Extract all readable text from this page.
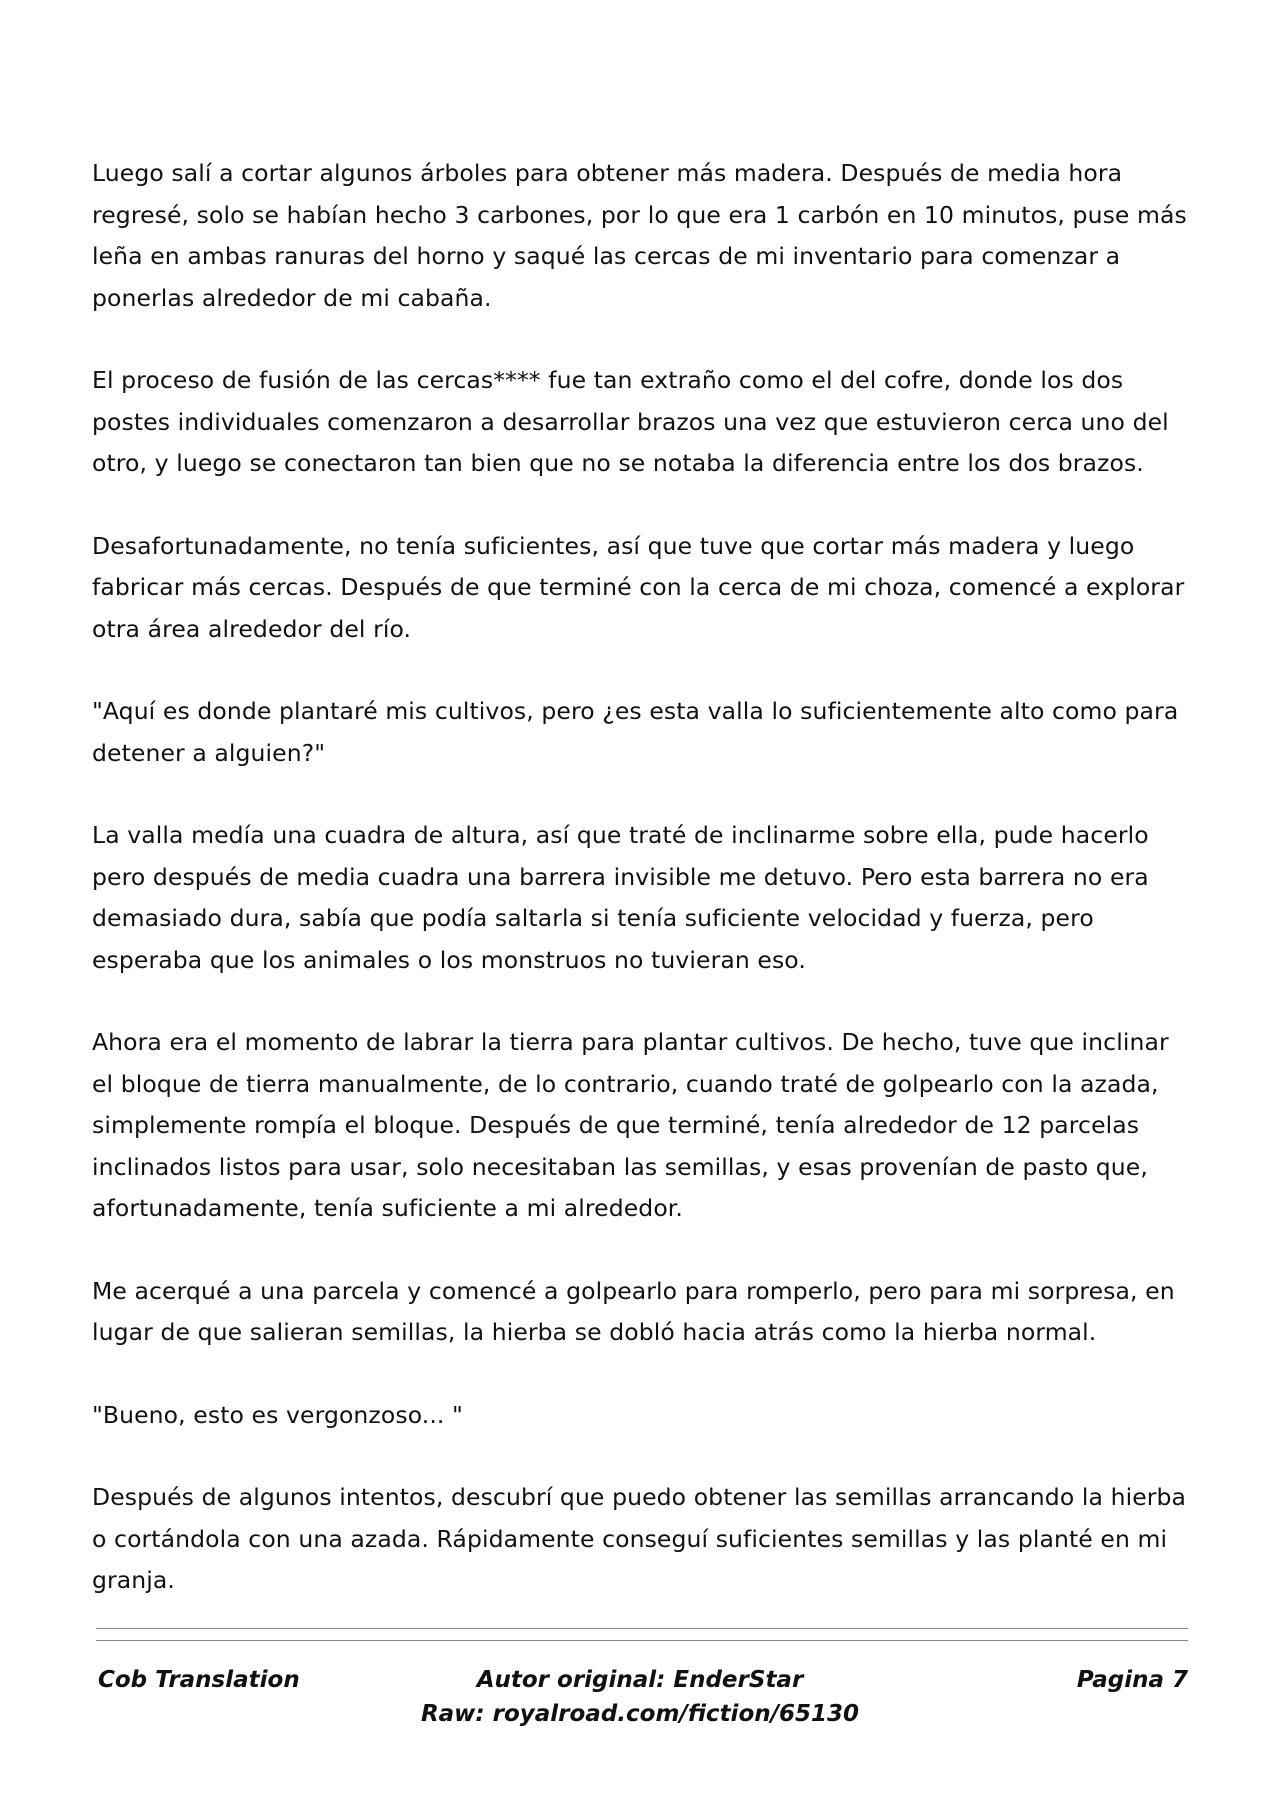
Luego salí a cortar algunos árboles para obtener más madera. Después de media hora
regresé, solo se habían hecho 3 carbones, por lo que era 1 carbón en 10 minutos, puse más
leña en ambas ranuras del horno y saqué las cercas de mi inventario para comenzar a
ponerlas alrededor de mi cabaña.

El proceso de fusión de las cercas**** fue tan extraño como el del cofre, donde los dos
postes individuales comenzaron a desarrollar brazos una vez que estuvieron cerca uno del
otro, y luego se conectaron tan bien que no se notaba la diferencia entre los dos brazos.

Desafortunadamente, no tenía suficientes, así que tuve que cortar más madera y luego
fabricar más cercas. Después de que terminé con la cerca de mi choza, comencé a explorar
otra área alrededor del río.

"Aquí es donde plantaré mis cultivos, pero ¿es esta valla lo suficientemente alto como para
detener a alguien?"

La valla medía una cuadra de altura, así que traté de inclinarme sobre ella, pude hacerlo
pero después de media cuadra una barrera invisible me detuvo. Pero esta barrera no era
demasiado dura, sabía que podía saltarla si tenía suficiente velocidad y fuerza, pero
esperaba que los animales o los monstruos no tuvieran eso.

Ahora era el momento de labrar la tierra para plantar cultivos. De hecho, tuve que inclinar
el bloque de tierra manualmente, de lo contrario, cuando traté de golpearlo con la azada,
simplemente rompía el bloque. Después de que terminé, tenía alrededor de 12 parcelas
inclinados listos para usar, solo necesitaban las semillas, y esas provenían de pasto que,
afortunadamente, tenía suficiente a mi alrededor.

Me acerqué a una parcela y comencé a golpearlo para romperlo, pero para mi sorpresa, en
lugar de que salieran semillas, la hierba se dobló hacia atrás como la hierba normal.

"Bueno, esto es vergonzoso... "

Después de algunos intentos, descubrí que puedo obtener las semillas arrancando la hierba
o cortándola con una azada. Rápidamente conseguí suficientes semillas y las planté en mi
granja.

Cob Translation	Autor original: EnderStar
Raw: royalroad.com/fiction/65130
Pagina 7
